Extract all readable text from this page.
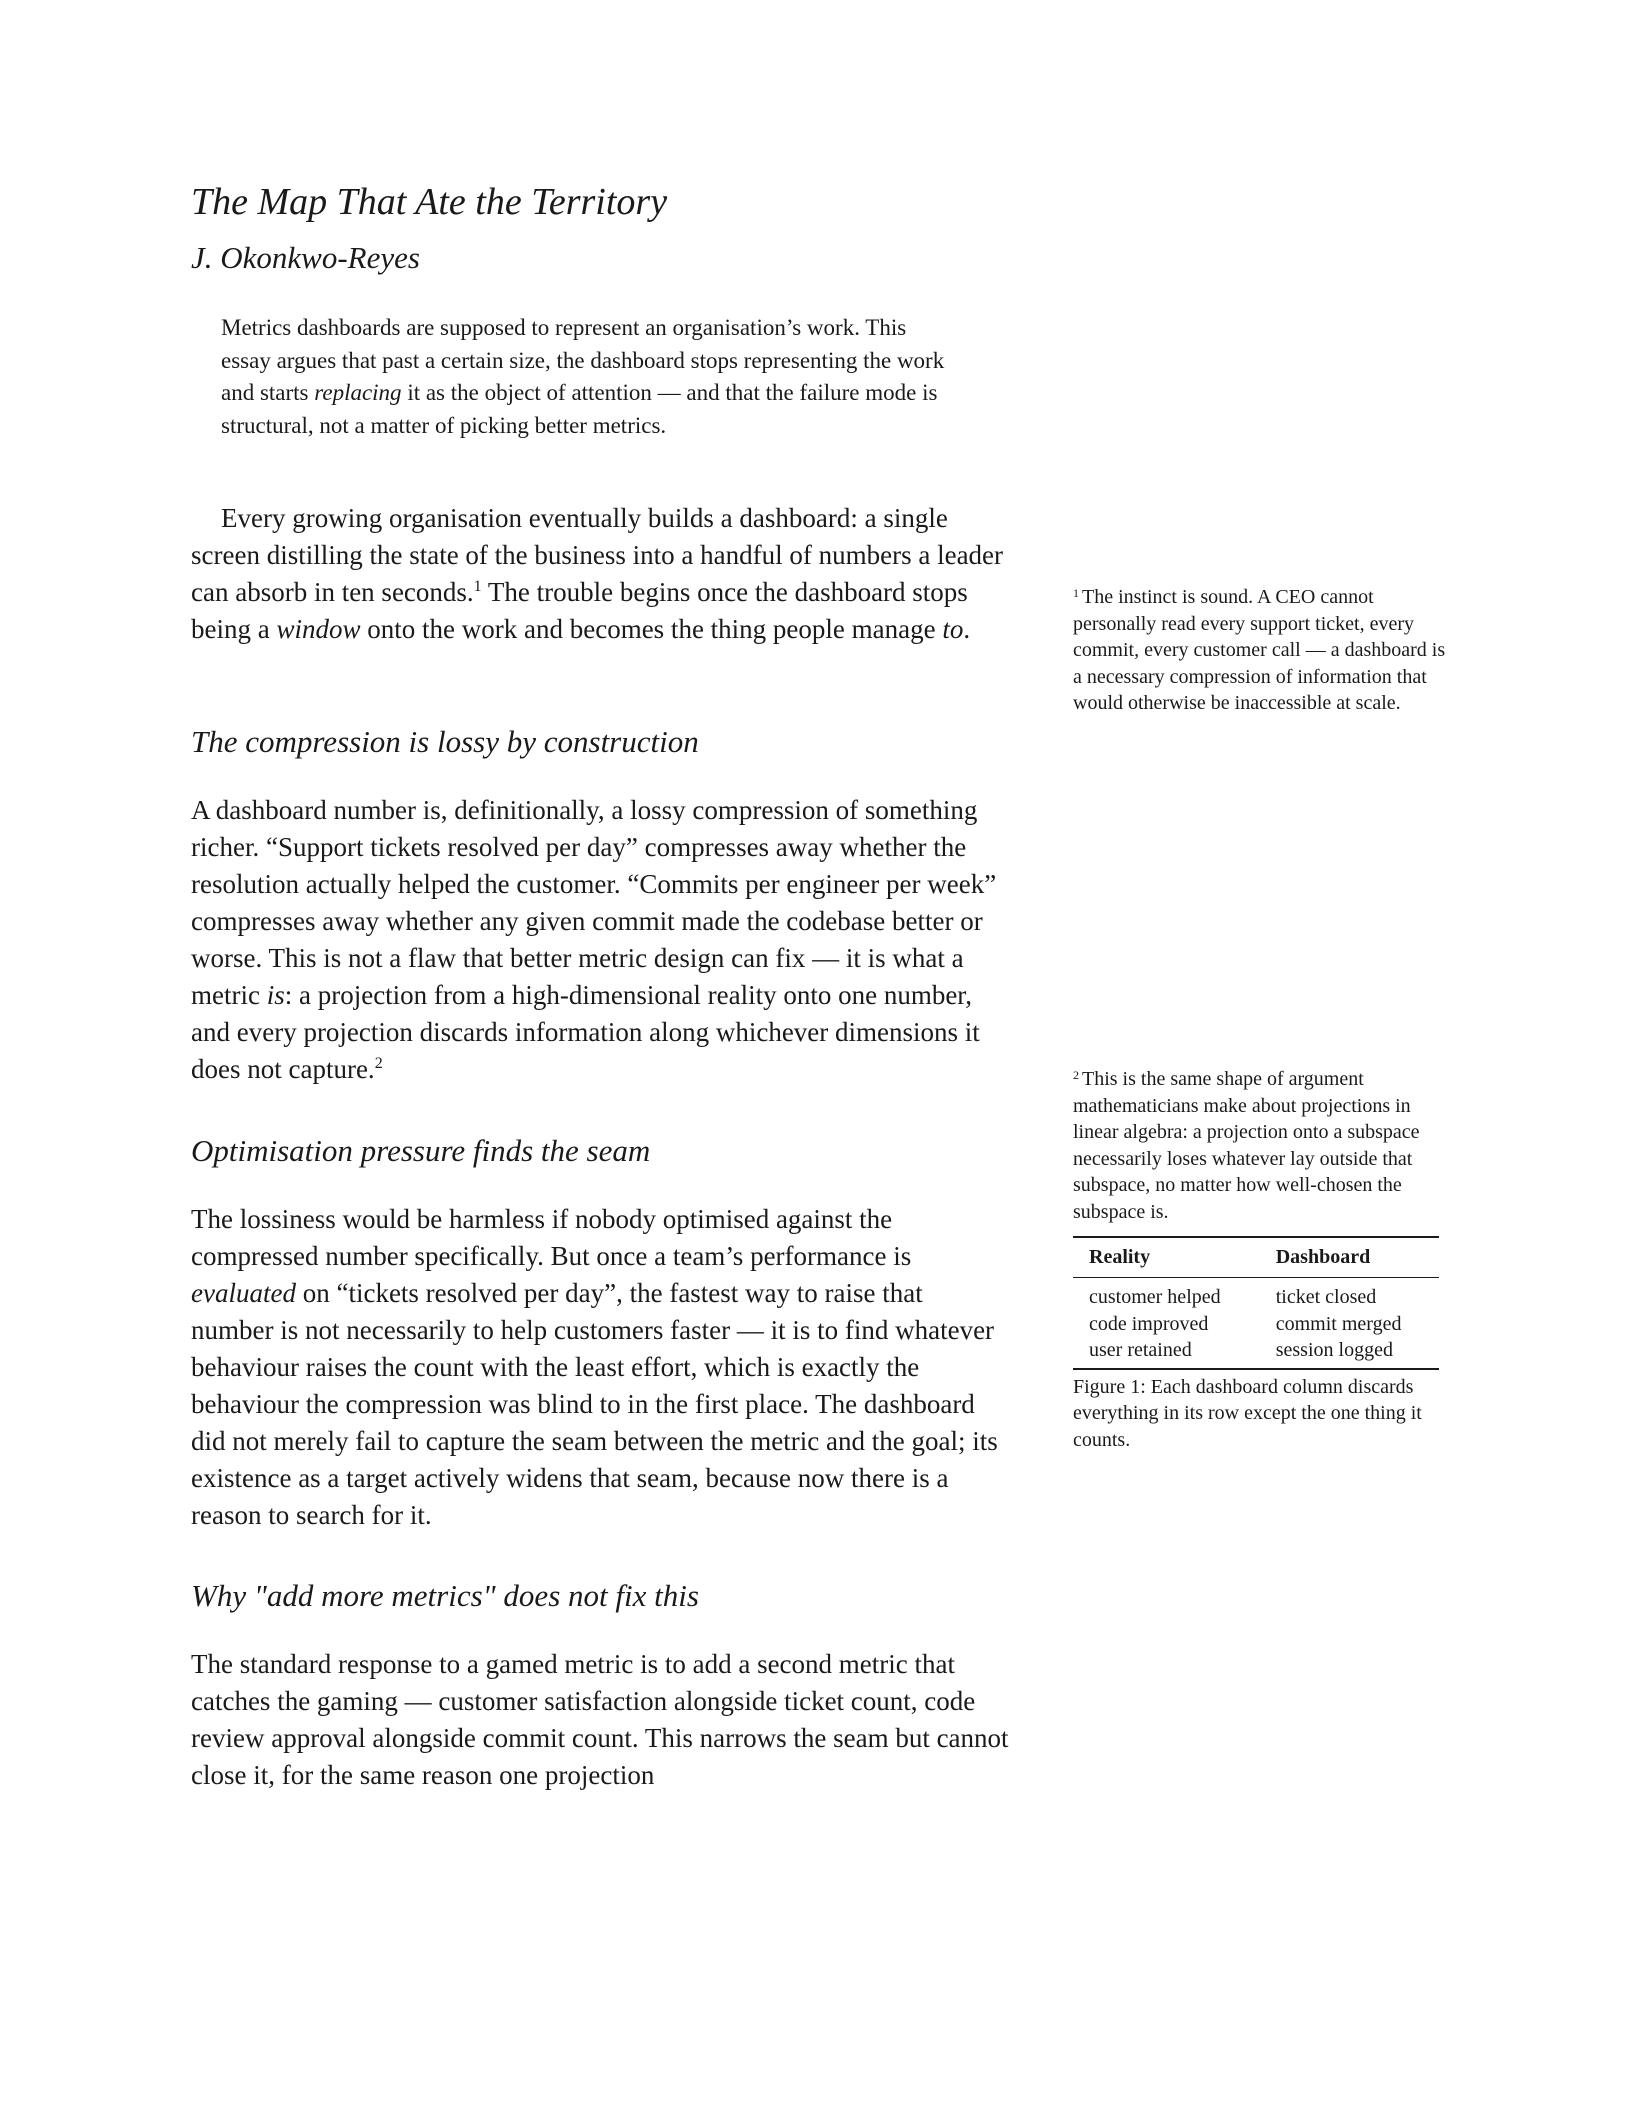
The Map That Ate the Territory
J. Okonkwo-Reyes
Metrics dashboards are supposed to represent an organisation’s work. This essay argues that past a certain size, the dashboard stops representing the work and starts replacing it as the object of attention — and that the failure mode is structural, not a matter of picking better metrics.

Every growing organisation eventually builds a dashboard: a single screen distilling the state of the business into a handful of numbers a leader can absorb in ten seconds.$^1$ The trouble begins once the dashboard stops being a window onto the work and becomes the thing people manage to.

The compression is lossy by construction

A dashboard number is, definitionally, a lossy compression of something richer. “Support tickets resolved per day” compresses away whether the resolution actually helped the customer. “Commits per engineer per week” compresses away whether any given commit made the codebase better or worse. This is not a flaw that better metric design can fix — it is what a metric is: a projection from a high-dimensional reality onto one number, and every projection discards information along whichever dimensions it does not capture.$^2$

Optimisation pressure finds the seam

The lossiness would be harmless if nobody optimised against the compressed number specifically. But once a team’s performance is evaluated on “tickets resolved per day”, the fastest way to raise that number is not necessarily to help customers faster — it is to find whatever behaviour raises the count with the least effort, which is exactly the behaviour the compression was blind to in the first place. The dashboard did not merely fail to capture the seam between the metric and the goal; its existence as a target actively widens that seam, because now there is a reason to search for it.

Why "add more metrics" does not fix this

The standard response to a gamed metric is to add a second metric that catches the gaming — customer satisfaction alongside ticket count, code review approval alongside commit count. This narrows the seam but cannot close it, for the same reason one projection

$^1$ The instinct is sound. A CEO cannot personally read every support ticket, every commit, every customer call — a dashboard is a necessary compression of information that would otherwise be inaccessible at scale.

$^2$ This is the same shape of argument mathematicians make about projections in linear algebra: a projection onto a subspace necessarily loses whatever lay outside that subspace, no matter how well-chosen the subspace is.

Reality	Dashboard
customer helped	ticket closed
code improved	commit merged
user retained	session logged

Figure 1: Each dashboard column discards everything in its row except the one thing it counts.
